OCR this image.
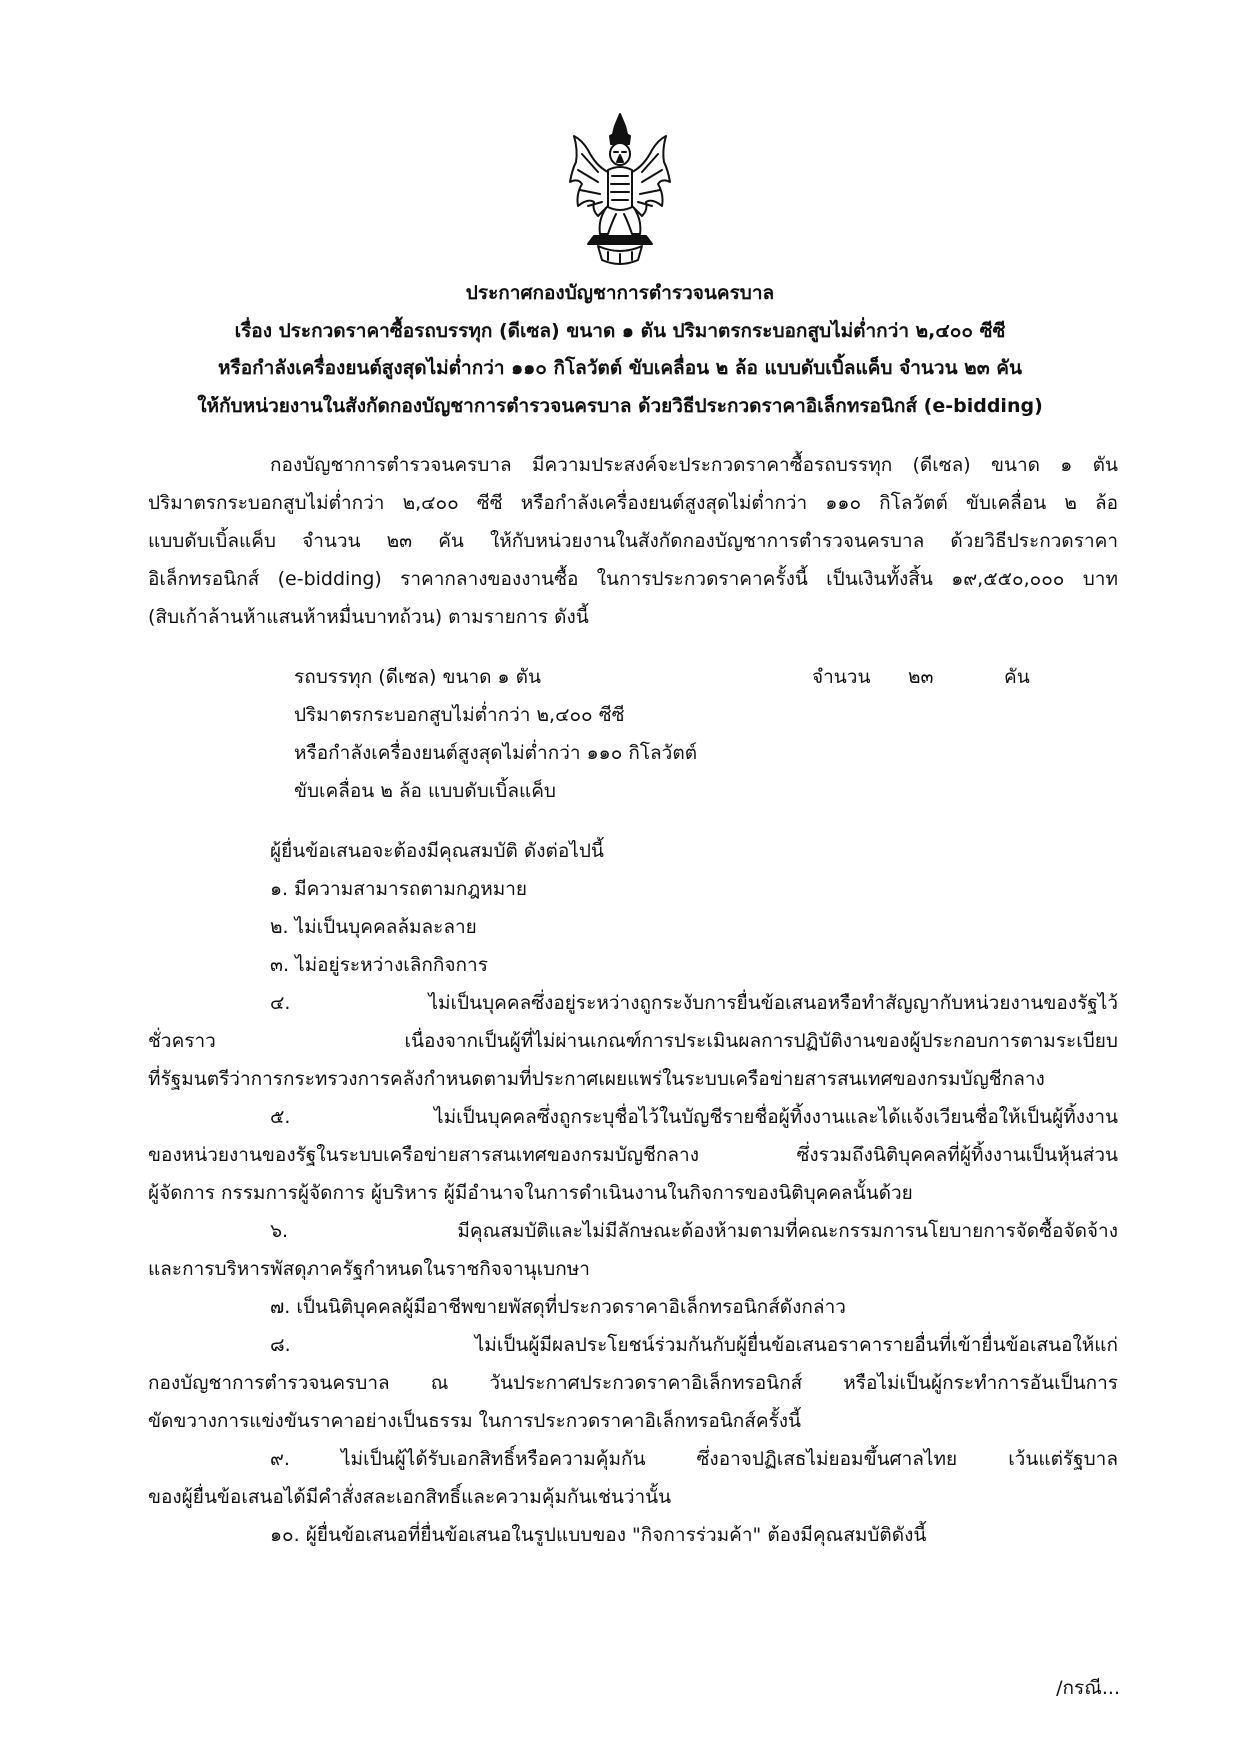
ประกาศกองบัญชาการตำรวจนครบาล
เรื่อง ประกวดราคาซื้อรถบรรทุก (ดีเซล) ขนาด ๑ ตัน ปริมาตรกระบอกสูบไม่ต่ำกว่า ๒,๔๐๐ ซีซี
หรือกำลังเครื่องยนต์สูงสุดไม่ต่ำกว่า ๑๑๐ กิโลวัตต์ ขับเคลื่อน ๒ ล้อ แบบดับเบิ้ลแค็บ จำนวน ๒๓ คัน
ให้กับหน่วยงานในสังกัดกองบัญชาการตำรวจนครบาล ด้วยวิธีประกวดราคาอิเล็กทรอนิกส์ (e-bidding)
กองบัญชาการตำรวจนครบาล มีความประสงค์จะประกวดราคาซื้อรถบรรทุก (ดีเซล) ขนาด ๑ ตัน
ปริมาตรกระบอกสูบไม่ต่ำกว่า ๒,๔๐๐ ซีซี หรือกำลังเครื่องยนต์สูงสุดไม่ต่ำกว่า ๑๑๐ กิโลวัตต์ ขับเคลื่อน ๒ ล้อ
แบบดับเบิ้ลแค็บ จำนวน ๒๓ คัน ให้กับหน่วยงานในสังกัดกองบัญชาการตำรวจนครบาล ด้วยวิธีประกวดราคา
อิเล็กทรอนิกส์ (e-bidding) ราคากลางของงานซื้อ ในการประกวดราคาครั้งนี้ เป็นเงินทั้งสิ้น ๑๙,๕๕๐,๐๐๐ บาท
(สิบเก้าล้านห้าแสนห้าหมื่นบาทถ้วน) ตามรายการ ดังนี้
รถบรรทุก (ดีเซล) ขนาด ๑ ตัน
ปริมาตรกระบอกสูบไม่ต่ำกว่า ๒,๔๐๐ ซีซี
หรือกำลังเครื่องยนต์สูงสุดไม่ต่ำกว่า ๑๑๐ กิโลวัตต์
ขับเคลื่อน ๒ ล้อ แบบดับเบิ้ลแค็บ
จำนวน ๒๓	คัน
ผู้ยื่นข้อเสนอจะต้องมีคุณสมบัติ ดังต่อไปนี้
๑. มีความสามารถตามกฎหมาย
๒. ไม่เป็นบุคคลล้มละลาย
๓. ไม่อยู่ระหว่างเลิกกิจการ
๔. ไม่เป็นบุคคลซึ่งอยู่ระหว่างถูกระงับการยื่นข้อเสนอหรือทำสัญญากับหน่วยงานของรัฐไว้
ชั่วคราว เนื่องจากเป็นผู้ที่ไม่ผ่านเกณฑ์การประเมินผลการปฏิบัติงานของผู้ประกอบการตามระเบียบ
ที่รัฐมนตรีว่าการกระทรวงการคลังกำหนดตามที่ประกาศเผยแพร่ในระบบเครือข่ายสารสนเทศของกรมบัญชีกลาง
๕. ไม่เป็นบุคคลซึ่งถูกระบุชื่อไว้ในบัญชีรายชื่อผู้ทิ้งงานและได้แจ้งเวียนชื่อให้เป็นผู้ทิ้งงาน
ของหน่วยงานของรัฐในระบบเครือข่ายสารสนเทศของกรมบัญชีกลาง ซึ่งรวมถึงนิติบุคคลที่ผู้ทิ้งงานเป็นหุ้นส่วน
ผู้จัดการ กรรมการผู้จัดการ ผู้บริหาร ผู้มีอำนาจในการดำเนินงานในกิจการของนิติบุคคลนั้นด้วย
๖. มีคุณสมบัติและไม่มีลักษณะต้องห้ามตามที่คณะกรรมการนโยบายการจัดซื้อจัดจ้าง
และการบริหารพัสดุภาครัฐกำหนดในราชกิจจานุเบกษา
๗. เป็นนิติบุคคลผู้มีอาชีพขายพัสดุที่ประกวดราคาอิเล็กทรอนิกส์ดังกล่าว
๘. ไม่เป็นผู้มีผลประโยชน์ร่วมกันกับผู้ยื่นข้อเสนอราคารายอื่นที่เข้ายื่นข้อเสนอให้แก่
กองบัญชาการตำรวจนครบาล ณ วันประกาศประกวดราคาอิเล็กทรอนิกส์ หรือไม่เป็นผู้กระทำการอันเป็นการ
ขัดขวางการแข่งขันราคาอย่างเป็นธรรม ในการประกวดราคาอิเล็กทรอนิกส์ครั้งนี้
๙. ไม่เป็นผู้ได้รับเอกสิทธิ์หรือความคุ้มกัน ซึ่งอาจปฏิเสธไม่ยอมขึ้นศาลไทย เว้นแต่รัฐบาล
ของผู้ยื่นข้อเสนอได้มีคำสั่งสละเอกสิทธิ์และความคุ้มกันเช่นว่านั้น
๑๐. ผู้ยื่นข้อเสนอที่ยื่นข้อเสนอในรูปแบบของ "กิจการร่วมค้า" ต้องมีคุณสมบัติดังนี้
/กรณี...
